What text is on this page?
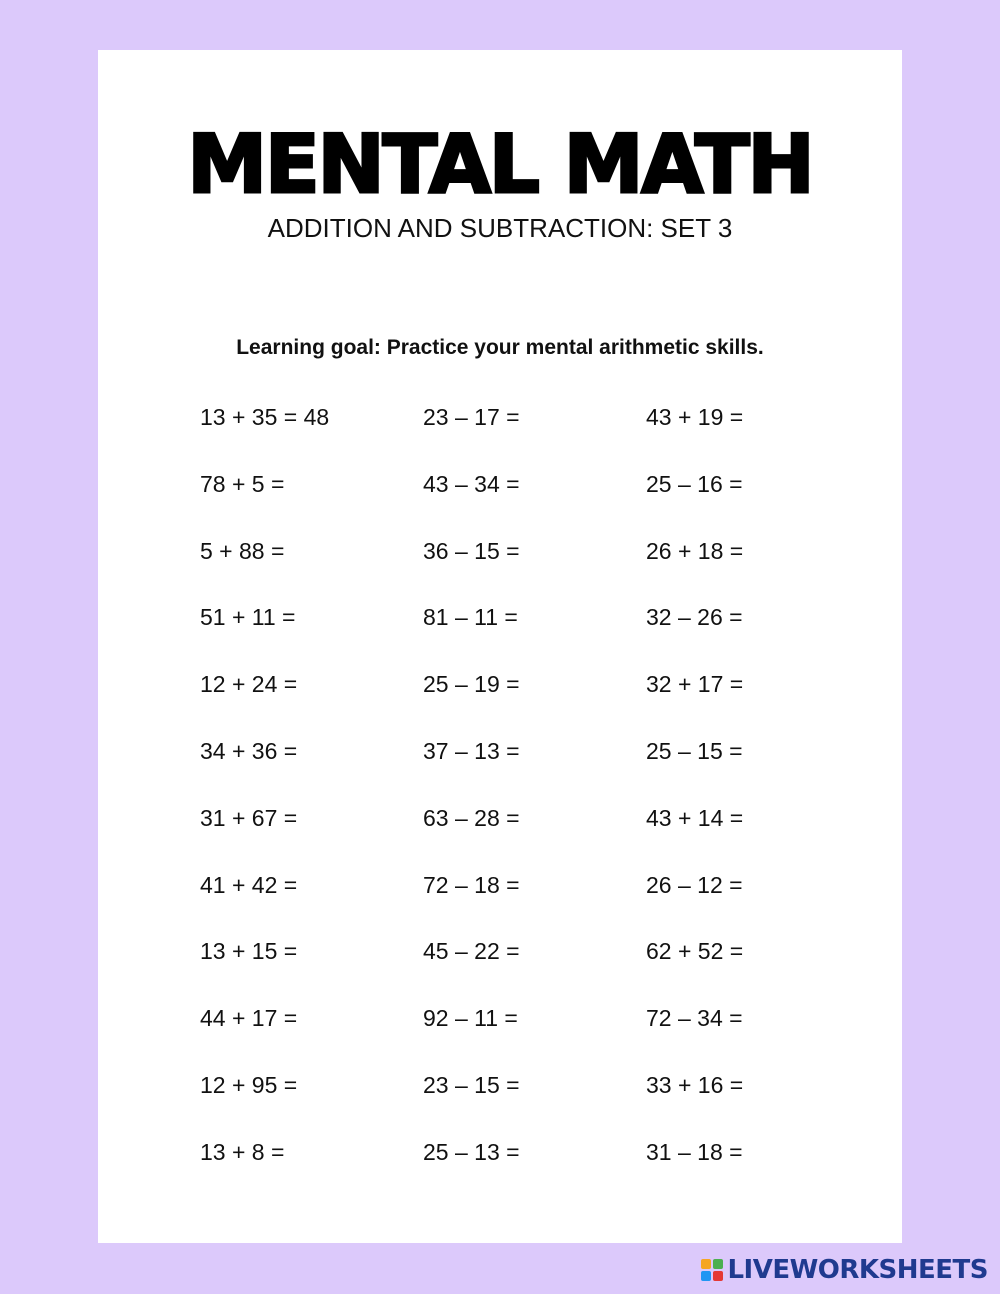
MENTAL MATH
ADDITION AND SUBTRACTION: SET 3
Learning goal: Practice your mental arithmetic skills.
13 + 35 = 48	23 – 17 =	43 + 19 =
78 + 5 =	43 – 34 =	25 – 16 =
5 + 88 =	36 – 15 =	26 + 18 =
51 + 11 =	81 – 11 =	32 – 26 =
12 + 24 =	25 – 19 =	32 + 17 =
34 + 36 =	37 – 13 =	25 – 15 =
31 + 67 =	63 – 28 =	43 + 14 =
41 + 42 =	72 – 18 =	26 – 12 =
13 + 15 =	45 – 22 =	62 + 52 =
44 + 17 =	92 – 11 =	72 – 34 =
12 + 95 =	23 – 15 =	33 + 16 =
13 + 8 =	25 – 13 =	31 – 18 =
LIVEWORKSHEETS
